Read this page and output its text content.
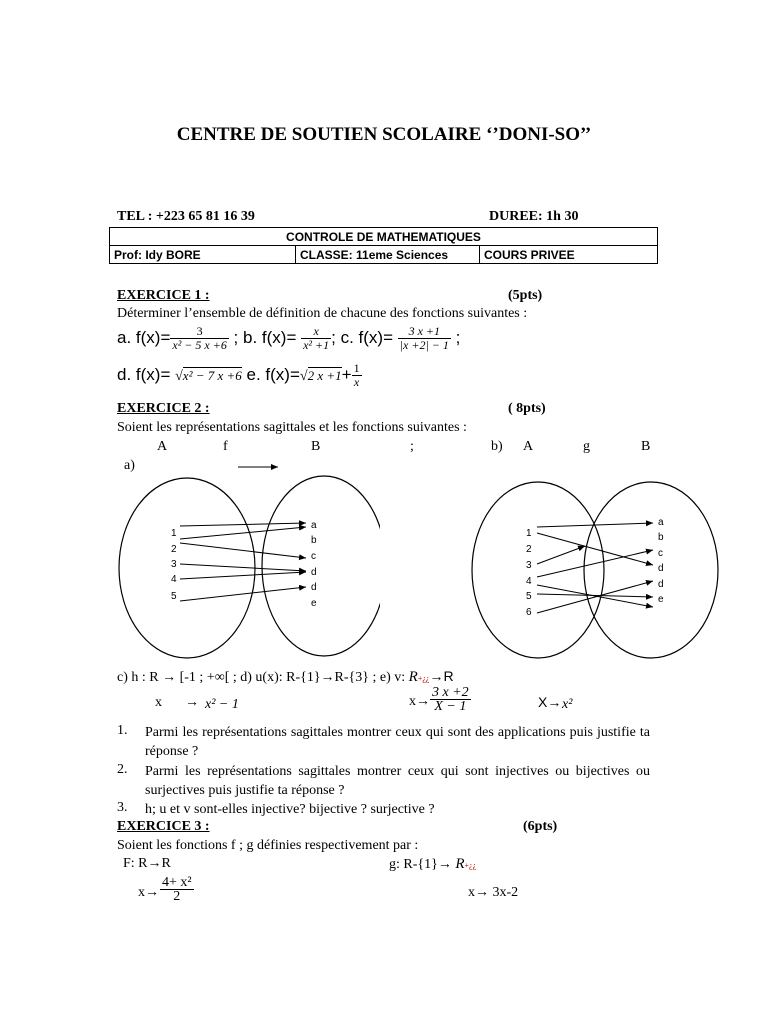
CENTRE DE SOUTIEN SCOLAIRE ‘’DONI-SO’’
TEL : +223 65 81 16 39	DUREE: 1h 30
CONTROLE DE MATHEMATIQUES
Prof: Idy BORE	CLASSE: 11eme Sciences	COURS PRIVEE
EXERCICE 1 :	(5pts)
Déterminer l’ensemble de définition de chacune des fonctions suivantes :
a. $f(x)= \frac{3}{\text{x² − 5 x +6}}$ ; b. $f(x)= \frac{x}{\text{x² +1}}$ ; c. $f(x)= \frac{3 x +1}{|x +2| - 1}$ ;
d. f(x)= √x² − 7 x +6 e. f(x)=√2 $x +1+ \frac{1}{x}$
EXERCICE 2 :	( 8pts)
Soient les représentations sagittales et les fonctions suivantes :
A	f	B	;	b) A	g	B
a)
1
2
3
4
5
a
b
c
d
d
e
1
2
3
4
5
6
a
b
c
d
d
e
c) h : R → [-1 ; +∞[ ; d) u(x): R-{1}→R-{3} ; e) v: R+¿¿→R
x → x² − 1	$x\to \frac{3 x +2}{X - 1}$	X→ x²
1. Parmi les représentations sagittales montrer ceux qui sont des applications puis justifie ta réponse ?
2. Parmi les représentations sagittales montrer ceux qui sont injectives ou bijectives ou surjectives puis justifie ta réponse ?
3. h; u et v sont-elles injective? bijective ? surjective ?
EXERCICE 3 :	(6pts)
Soient les fonctions f ; g définies respectivement par :
F: R→R	g: R-{1}→ R+¿¿
$x\to \frac{\text{4+ x²}}{2}$	x→ 3x-2
